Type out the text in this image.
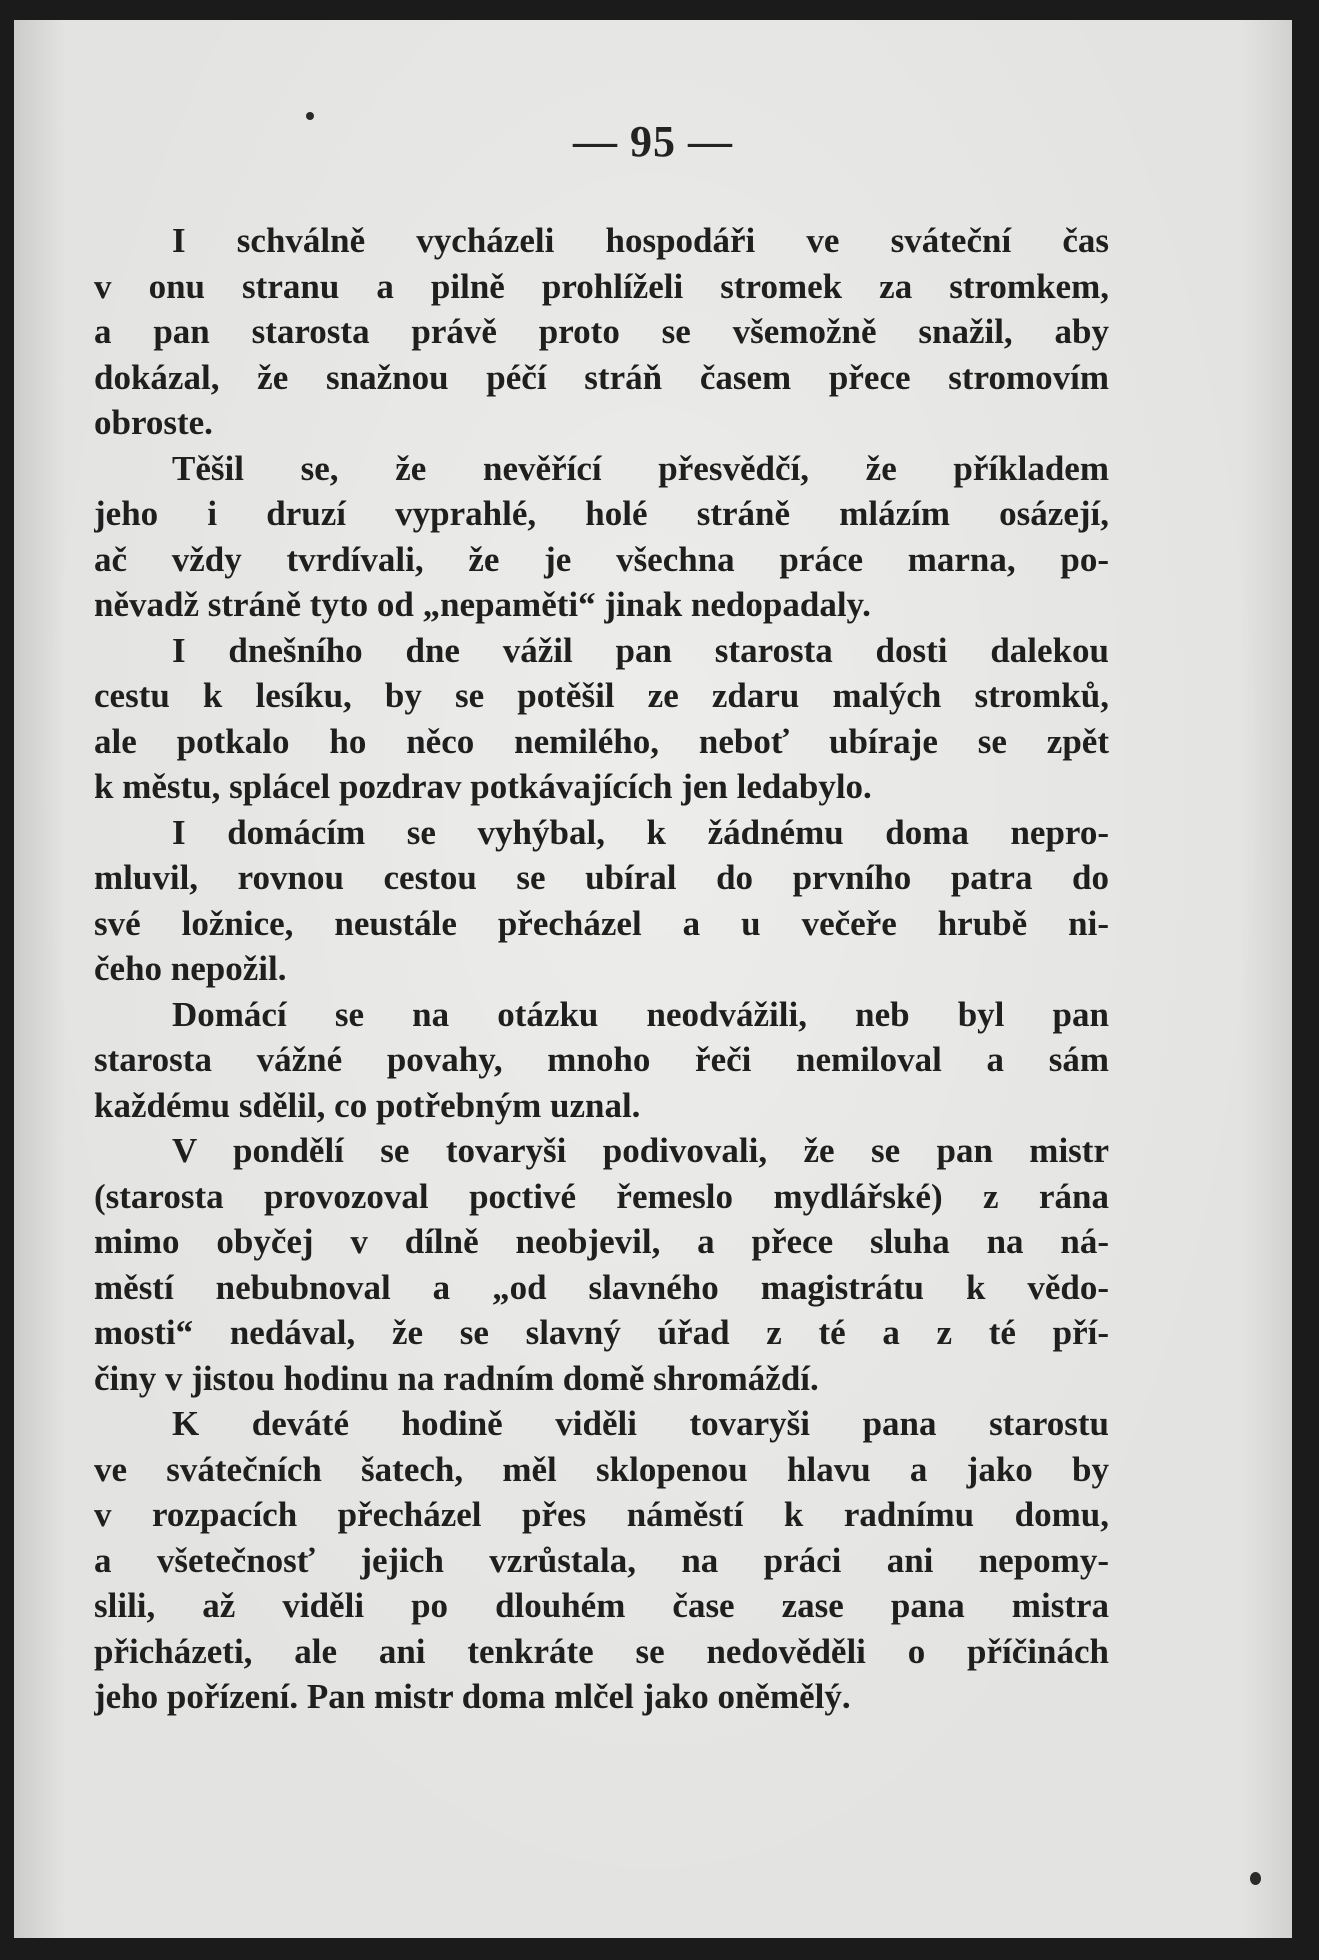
— 95 —
I schválně vycházeli hospodáři ve sváteční čas
v onu stranu a pilně prohlíželi stromek za stromkem,
a pan starosta právě proto se všemožně snažil, aby
dokázal, že snažnou péčí stráň časem přece stromovím
obroste.
Těšil se, že nevěřící přesvědčí, že příkladem
jeho i druzí vyprahlé, holé stráně mlázím osázejí,
ač vždy tvrdívali, že je všechna práce marna, po-
něvadž stráně tyto od „nepaměti“ jinak nedopadaly.
I dnešního dne vážil pan starosta dosti dalekou
cestu k lesíku, by se potěšil ze zdaru malých stromků,
ale potkalo ho něco nemilého, neboť ubíraje se zpět
k městu, splácel pozdrav potkávajících jen ledabylo.
I domácím se vyhýbal, k žádnému doma nepro-
mluvil, rovnou cestou se ubíral do prvního patra do
své ložnice, neustále přecházel a u večeře hrubě ni-
čeho nepožil.
Domácí se na otázku neodvážili, neb byl pan
starosta vážné povahy, mnoho řeči nemiloval a sám
každému sdělil, co potřebným uznal.
V pondělí se tovaryši podivovali, že se pan mistr
(starosta provozoval poctivé řemeslo mydlářské) z rána
mimo obyčej v dílně neobjevil, a přece sluha na ná-
městí nebubnoval a „od slavného magistrátu k vědo-
mosti“ nedával, že se slavný úřad z té a z té pří-
činy v jistou hodinu na radním domě shromáždí.
K deváté hodině viděli tovaryši pana starostu
ve svátečních šatech, měl sklopenou hlavu a jako by
v rozpacích přecházel přes náměstí k radnímu domu,
a všetečnosť jejich vzrůstala, na práci ani nepomy-
slili, až viděli po dlouhém čase zase pana mistra
přicházeti, ale ani tenkráte se nedověděli o příčinách
jeho pořízení. Pan mistr doma mlčel jako oněmělý.
